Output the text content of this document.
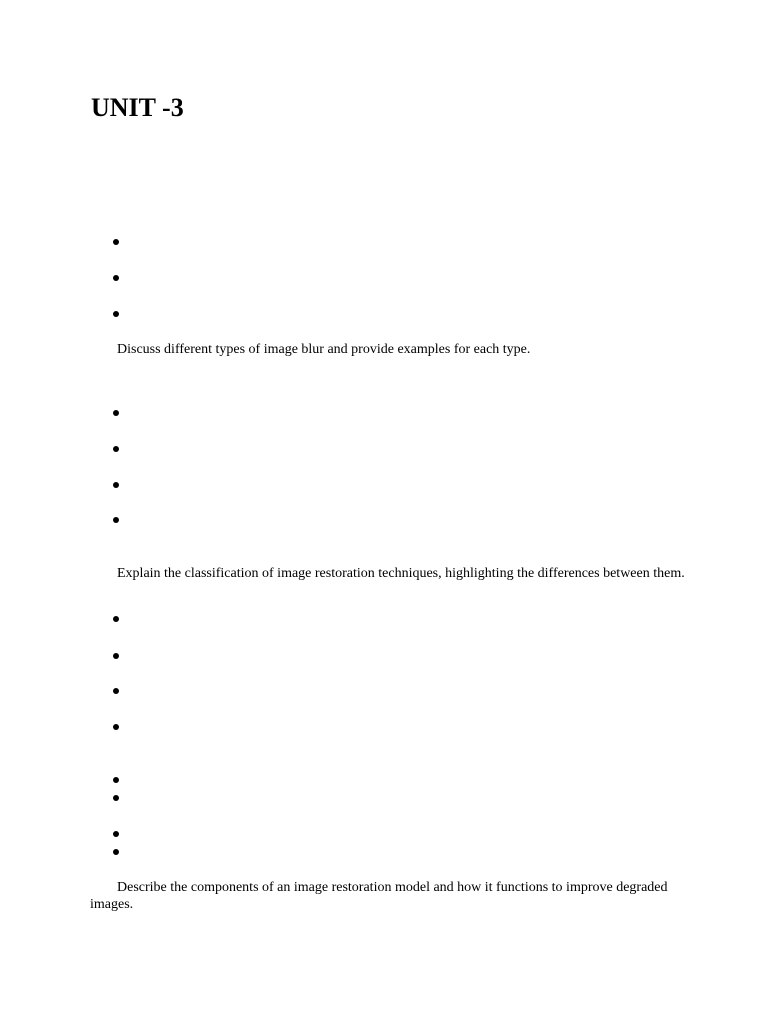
UNIT -3

Discuss different types of image blur and provide examples for each type.

Explain the classification of image restoration techniques, highlighting the differences between them.

Describe the components of an image restoration model and how it functions to improve degraded images.
